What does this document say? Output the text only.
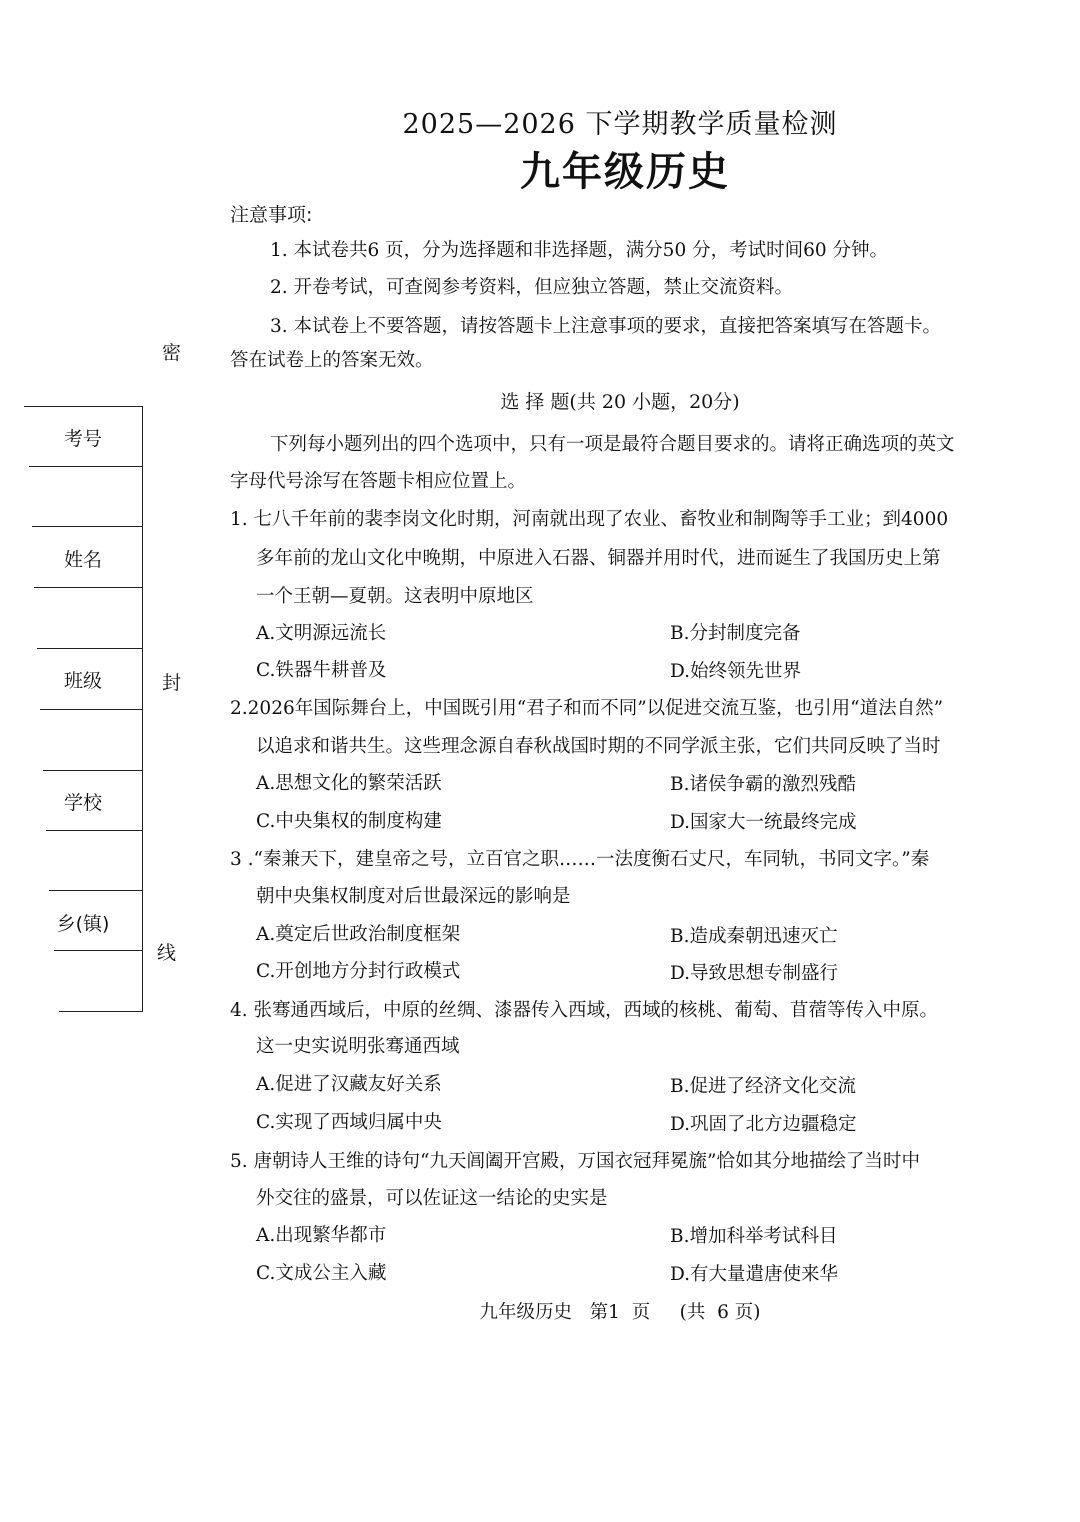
2025—2026 下学期教学质量检测
九年级历史
注意事项:
1. 本试卷共6 页，分为选择题和非选择题，满分50 分，考试时间60 分钟。
2. 开卷考试，可查阅参考资料，但应独立答题，禁止交流资料。
3. 本试卷上不要答题，请按答题卡上注意事项的要求，直接把答案填写在答题卡。
答在试卷上的答案无效。
密
封
线
考号
姓名
班级
学校
乡(镇)
选 择 题(共 20 小题，20分)
下列每小题列出的四个选项中，只有一项是最符合题目要求的。请将正确选项的英文
字母代号涂写在答题卡相应位置上。
1. 七八千年前的裴李岗文化时期，河南就出现了农业、畜牧业和制陶等手工业；到4000
多年前的龙山文化中晚期，中原进入石器、铜器并用时代，进而诞生了我国历史上第
一个王朝—夏朝。这表明中原地区
A.文明源远流长	B.分封制度完备
C.铁器牛耕普及	D.始终领先世界
2.2026年国际舞台上，中国既引用“君子和而不同”以促进交流互鉴，也引用“道法自然”
以追求和谐共生。这些理念源自春秋战国时期的不同学派主张，它们共同反映了当时
A.思想文化的繁荣活跃	B.诸侯争霸的激烈残酷
C.中央集权的制度构建	D.国家大一统最终完成
3 .“秦兼天下，建皇帝之号，立百官之职……一法度衡石丈尺，车同轨，书同文字。”秦
朝中央集权制度对后世最深远的影响是
A.奠定后世政治制度框架	B.造成秦朝迅速灭亡
C.开创地方分封行政模式	D.导致思想专制盛行
4. 张骞通西域后，中原的丝绸、漆器传入西域，西域的核桃、葡萄、苜蓿等传入中原。
这一史实说明张骞通西域
A.促进了汉藏友好关系	B.促进了经济文化交流
C.实现了西域归属中央	D.巩固了北方边疆稳定
5. 唐朝诗人王维的诗句“九天阊阖开宫殿，万国衣冠拜冕旒”恰如其分地描绘了当时中
外交往的盛景，可以佐证这一结论的史实是
A.出现繁华都市	B.增加科举考试科目
C.文成公主入藏	D.有大量遣唐使来华
九年级历史   第1  页     (共  6 页)
